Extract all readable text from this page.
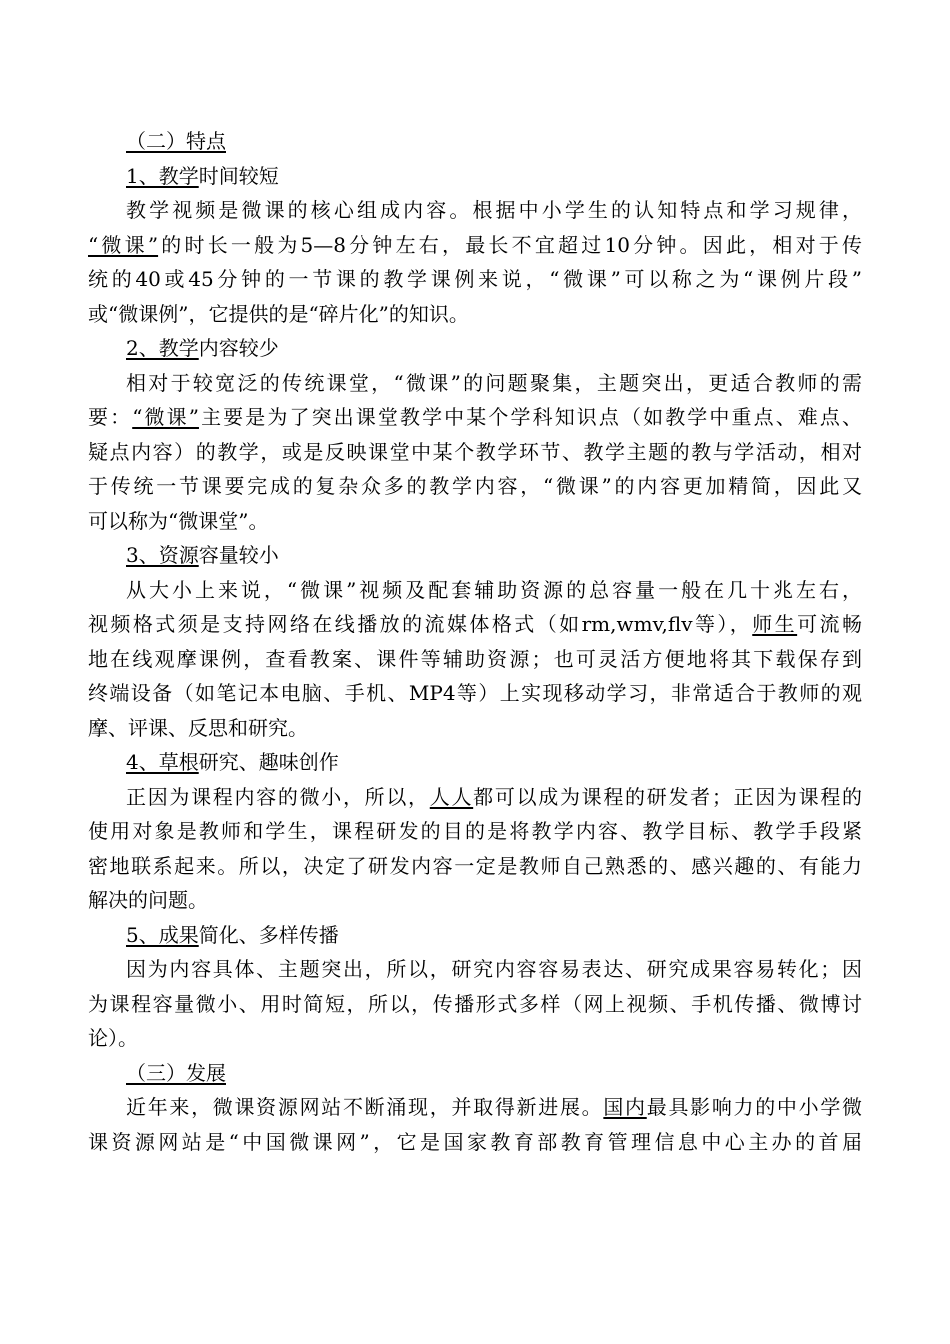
（二）特点
1、教学时间较短
教学视频是微课的核心组成内容。根据中小学生的认知特点和学习规律，
“微课”的时长一般为5—8分钟左右，最长不宜超过10分钟。因此，相对于传
统的40或45分钟的一节课的教学课例来说，“微课”可以称之为“课例片段”
或“微课例”，它提供的是“碎片化”的知识。
2、教学内容较少
相对于较宽泛的传统课堂，“微课”的问题聚集，主题突出，更适合教师的需
要：“微课”主要是为了突出课堂教学中某个学科知识点（如教学中重点、难点、
疑点内容）的教学，或是反映课堂中某个教学环节、教学主题的教与学活动，相对
于传统一节课要完成的复杂众多的教学内容，“微课”的内容更加精简，因此又
可以称为“微课堂”。
3、资源容量较小
从大小上来说，“微课”视频及配套辅助资源的总容量一般在几十兆左右，
视频格式须是支持网络在线播放的流媒体格式（如rm,wmv,flv等），师生可流畅
地在线观摩课例，查看教案、课件等辅助资源；也可灵活方便地将其下载保存到
终端设备（如笔记本电脑、手机、MP4等）上实现移动学习，非常适合于教师的观
摩、评课、反思和研究。
4、草根研究、趣味创作
正因为课程内容的微小，所以，人人都可以成为课程的研发者；正因为课程的
使用对象是教师和学生，课程研发的目的是将教学内容、教学目标、教学手段紧
密地联系起来。所以，决定了研发内容一定是教师自己熟悉的、感兴趣的、有能力
解决的问题。
5、成果简化、多样传播
因为内容具体、主题突出，所以，研究内容容易表达、研究成果容易转化；因
为课程容量微小、用时简短，所以，传播形式多样（网上视频、手机传播、微博讨
论）。
（三）发展
近年来，微课资源网站不断涌现，并取得新进展。国内最具影响力的中小学微
课资源网站是“中国微课网”，它是国家教育部教育管理信息中心主办的首届
